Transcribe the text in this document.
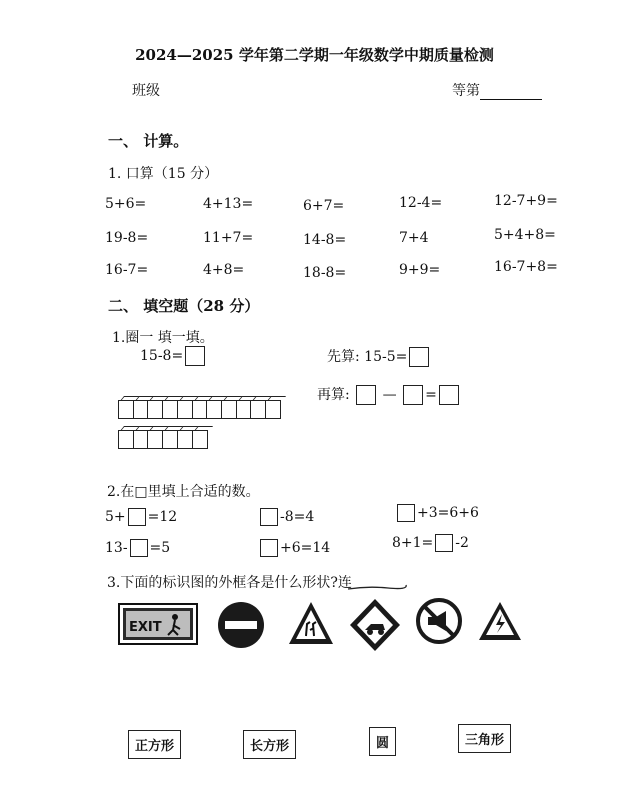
2024—2025 学年第二学期一年级数学中期质量检测
班级	等第
一、 计算。
1. 口算（15 分）
5+6=	4+13=	6+7=	12-4=	12-7+9=
19-8=	11+7=	14-8=	7+4	5+4+8=
16-7=	4+8=	18-8=	9+9=	16-7+8=
二、 填空题（28 分）
1.圈一 填一填。
15-8=	先算: 15-5=
再算: — =
2.在□里填上合适的数。
5+ =12	-8=4	+3=6+6
13- =5	+6=14	8+1= -2
3.下面的标识图的外框各是什么形状?连
EXIT
正方形	长方形	圆	三角形
